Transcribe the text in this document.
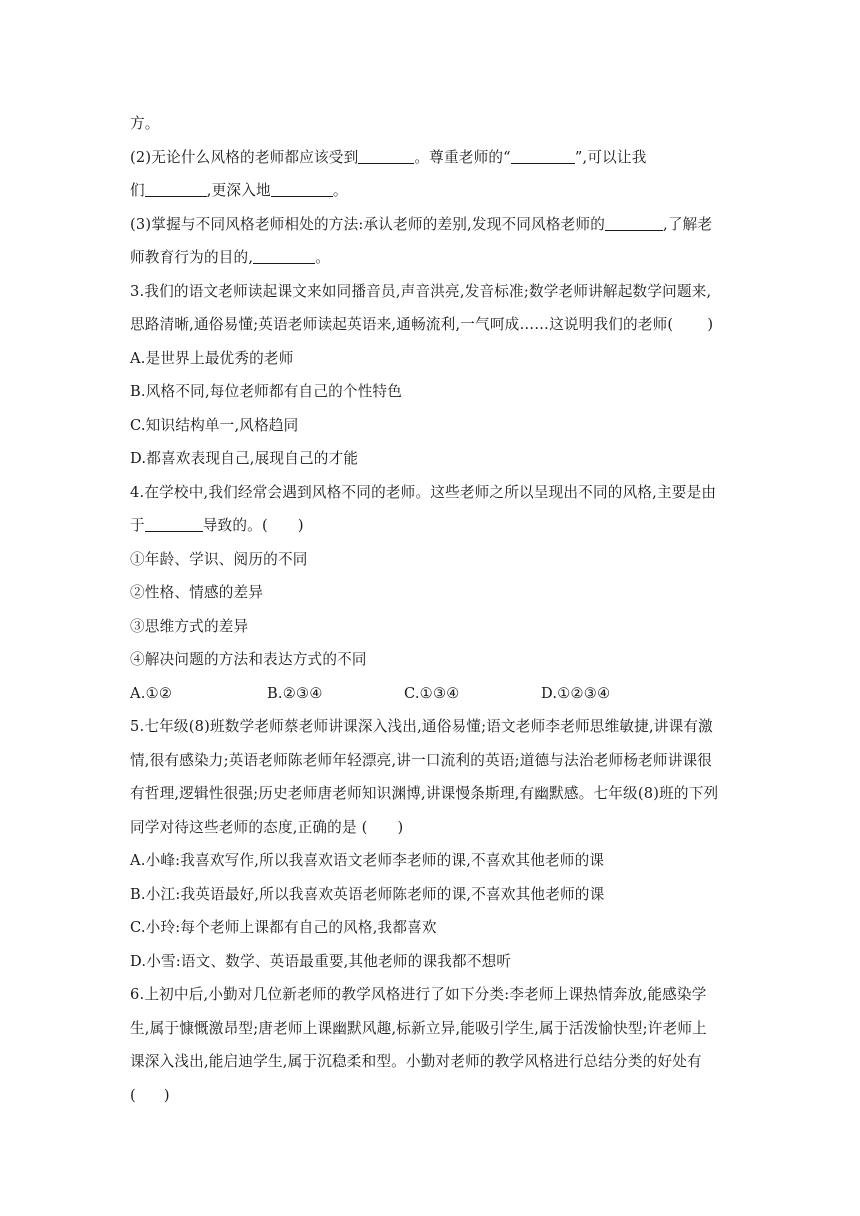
方。
(2)无论什么风格的老师都应该受到	。尊重老师的“	”,可以让我
们	,更深入地	。
(3)掌握与不同风格老师相处的方法:承认老师的差别,发现不同风格老师的	,了解老
师教育行为的目的,	。
3.我们的语文老师读起课文来如同播音员,声音洪亮,发音标准;数学老师讲解起数学问题来,
思路清晰,通俗易懂;英语老师读起英语来,通畅流利,一气呵成……这说明我们的老师( )
A.是世界上最优秀的老师
B.风格不同,每位老师都有自己的个性特色
C.知识结构单一,风格趋同
D.都喜欢表现自己,展现自己的才能
4.在学校中,我们经常会遇到风格不同的老师。这些老师之所以呈现出不同的风格,主要是由
于	导致的。( )
①年龄、学识、阅历的不同
②性格、情感的差异
③思维方式的差异
④解决问题的方法和表达方式的不同
A.①②	B.②③④	C.①③④	D.①②③④
5.七年级(8)班数学老师蔡老师讲课深入浅出,通俗易懂;语文老师李老师思维敏捷,讲课有激
情,很有感染力;英语老师陈老师年轻漂亮,讲一口流利的英语;道德与法治老师杨老师讲课很
有哲理,逻辑性很强;历史老师唐老师知识渊博,讲课慢条斯理,有幽默感。七年级(8)班的下列
同学对待这些老师的态度,正确的是 ( )
A.小峰:我喜欢写作,所以我喜欢语文老师李老师的课,不喜欢其他老师的课
B.小江:我英语最好,所以我喜欢英语老师陈老师的课,不喜欢其他老师的课
C.小玲:每个老师上课都有自己的风格,我都喜欢
D.小雪:语文、数学、英语最重要,其他老师的课我都不想听
6.上初中后,小勤对几位新老师的教学风格进行了如下分类:李老师上课热情奔放,能感染学
生,属于慷慨激昂型;唐老师上课幽默风趣,标新立异,能吸引学生,属于活泼愉快型;许老师上
课深入浅出,能启迪学生,属于沉稳柔和型。小勤对老师的教学风格进行总结分类的好处有
( )
